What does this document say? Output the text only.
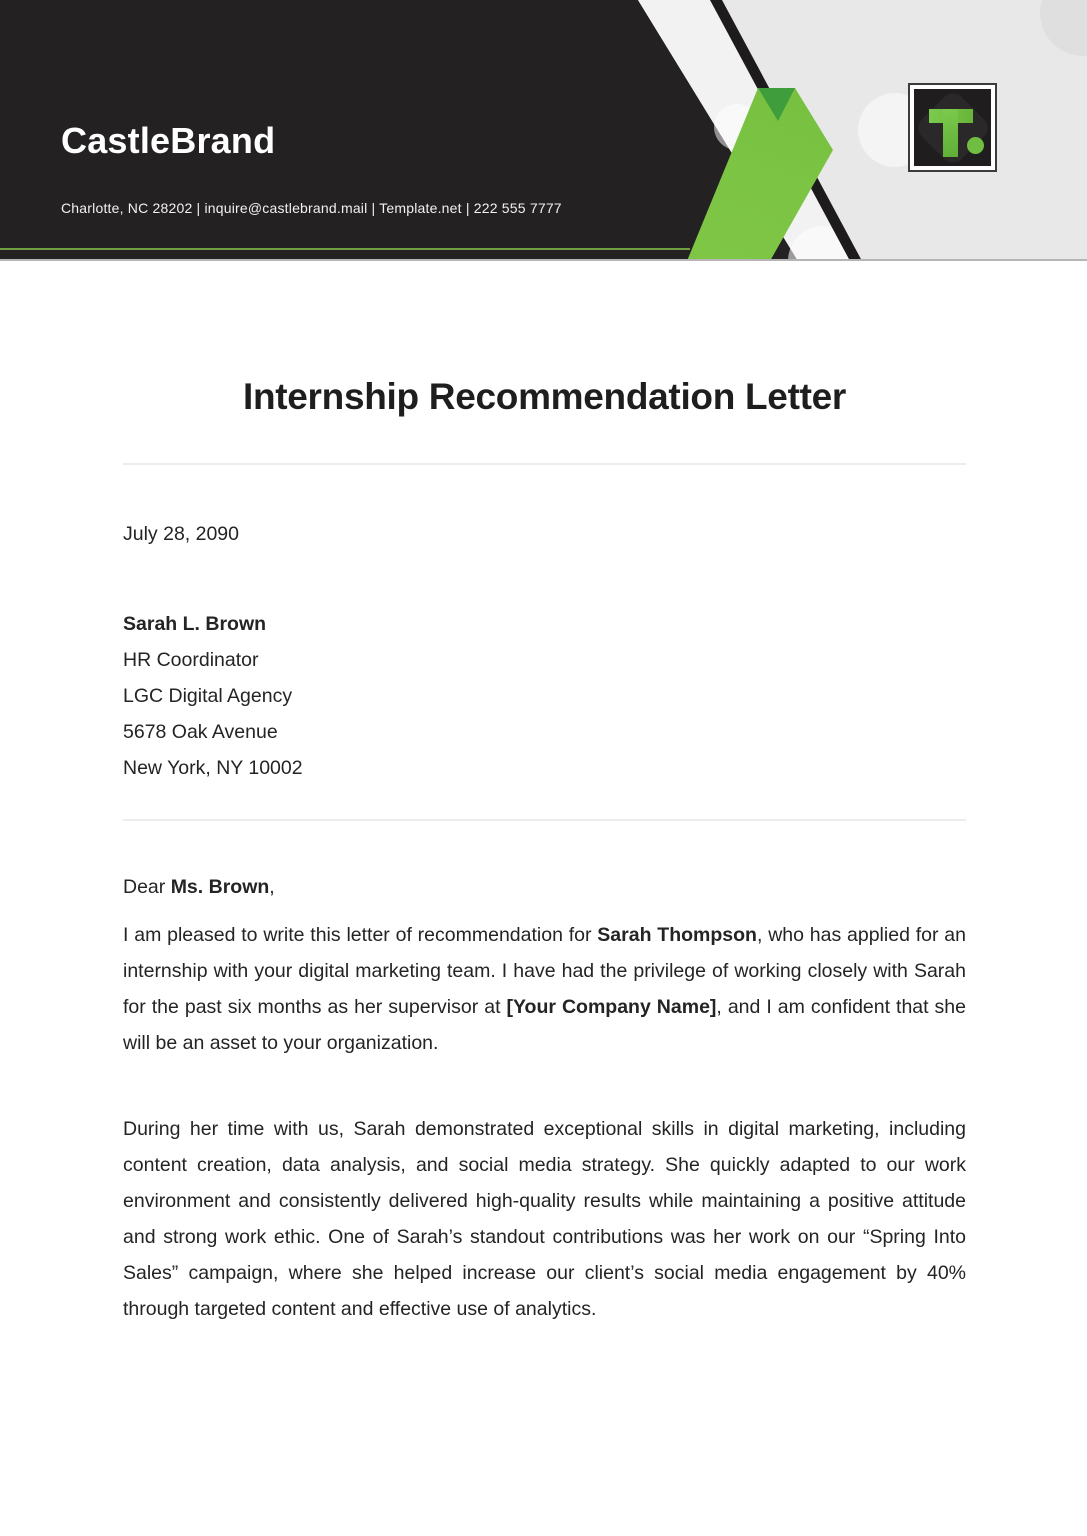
CastleBrand
Charlotte, NC 28202 | inquire@castlebrand.mail | Template.net | 222 555 7777
Internship Recommendation Letter
July 28, 2090
Sarah L. Brown
HR Coordinator
LGC Digital Agency
5678 Oak Avenue
New York, NY 10002

Dear Ms. Brown,

I am pleased to write this letter of recommendation for Sarah Thompson, who has applied for an internship with your digital marketing team. I have had the privilege of working closely with Sarah for the past six months as her supervisor at [Your Company Name], and I am confident that she will be an asset to your organization.

During her time with us, Sarah demonstrated exceptional skills in digital marketing, including content creation, data analysis, and social media strategy. She quickly adapted to our work environment and consistently delivered high-quality results while maintaining a positive attitude and strong work ethic. One of Sarah’s standout contributions was her work on our “Spring Into Sales” campaign, where she helped increase our client’s social media engagement by 40% through targeted content and effective use of analytics.
